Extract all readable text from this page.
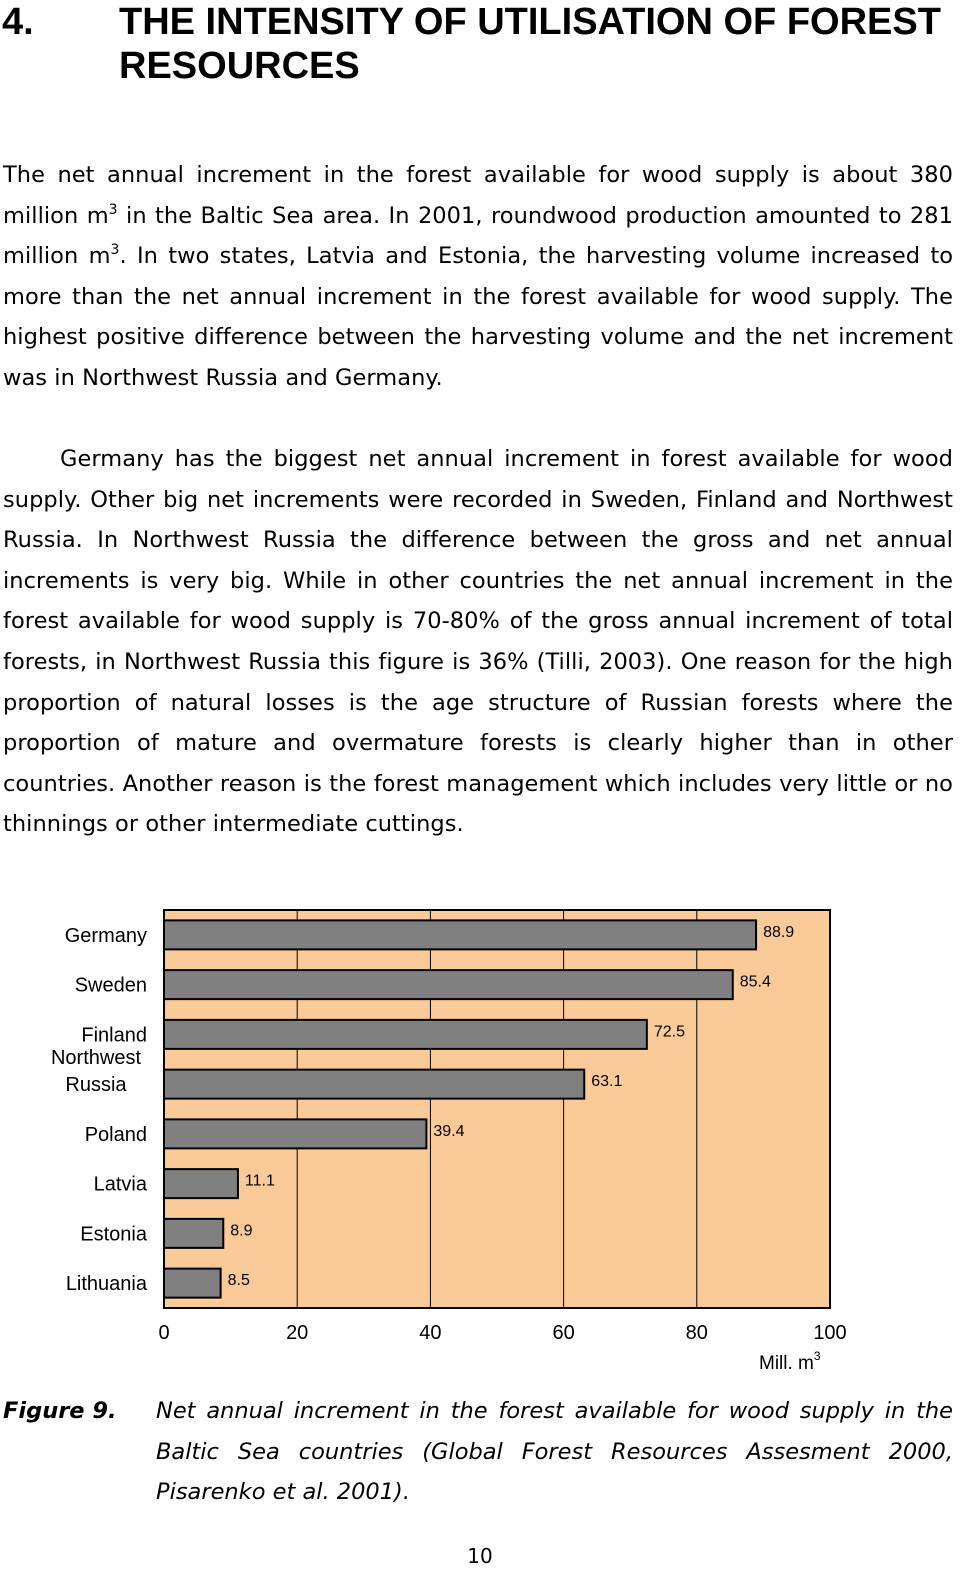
4. THE INTENSITY OF UTILISATION OF FOREST RESOURCES

The net annual increment in the forest available for wood supply is about 380 million $m^3$ in the Baltic Sea area. In 2001, roundwood production amounted to 281 million $m^3$. In two states, Latvia and Estonia, the harvesting volume increased to more than the net annual increment in the forest available for wood supply. The highest positive difference between the harvesting volume and the net increment was in Northwest Russia and Germany.

Germany has the biggest net annual increment in forest available for wood supply. Other big net increments were recorded in Sweden, Finland and Northwest Russia. In Northwest Russia the difference between the gross and net annual increments is very big. While in other countries the net annual increment in the forest available for wood supply is 70-80% of the gross annual increment of total forests, in Northwest Russia this figure is 36% (Tilli, 2003). One reason for the high proportion of natural losses is the age structure of Russian forests where the proportion of mature and overmature forests is clearly higher than in other countries. Another reason is the forest management which includes very little or no thinnings or other intermediate cuttings.

88.9
Germany
85.4
Sweden
72.5
Finland
63.1
Northwest Russia
39.4
Poland
11.1
Latvia
8.9
Estonia
8.5
Lithuania
0	20	40	60	80	100
Mill. $m^3$

Figure 9. Net annual increment in the forest available for wood supply in the Baltic Sea countries (Global Forest Resources Assesment 2000, Pisarenko et al. 2001).

10
